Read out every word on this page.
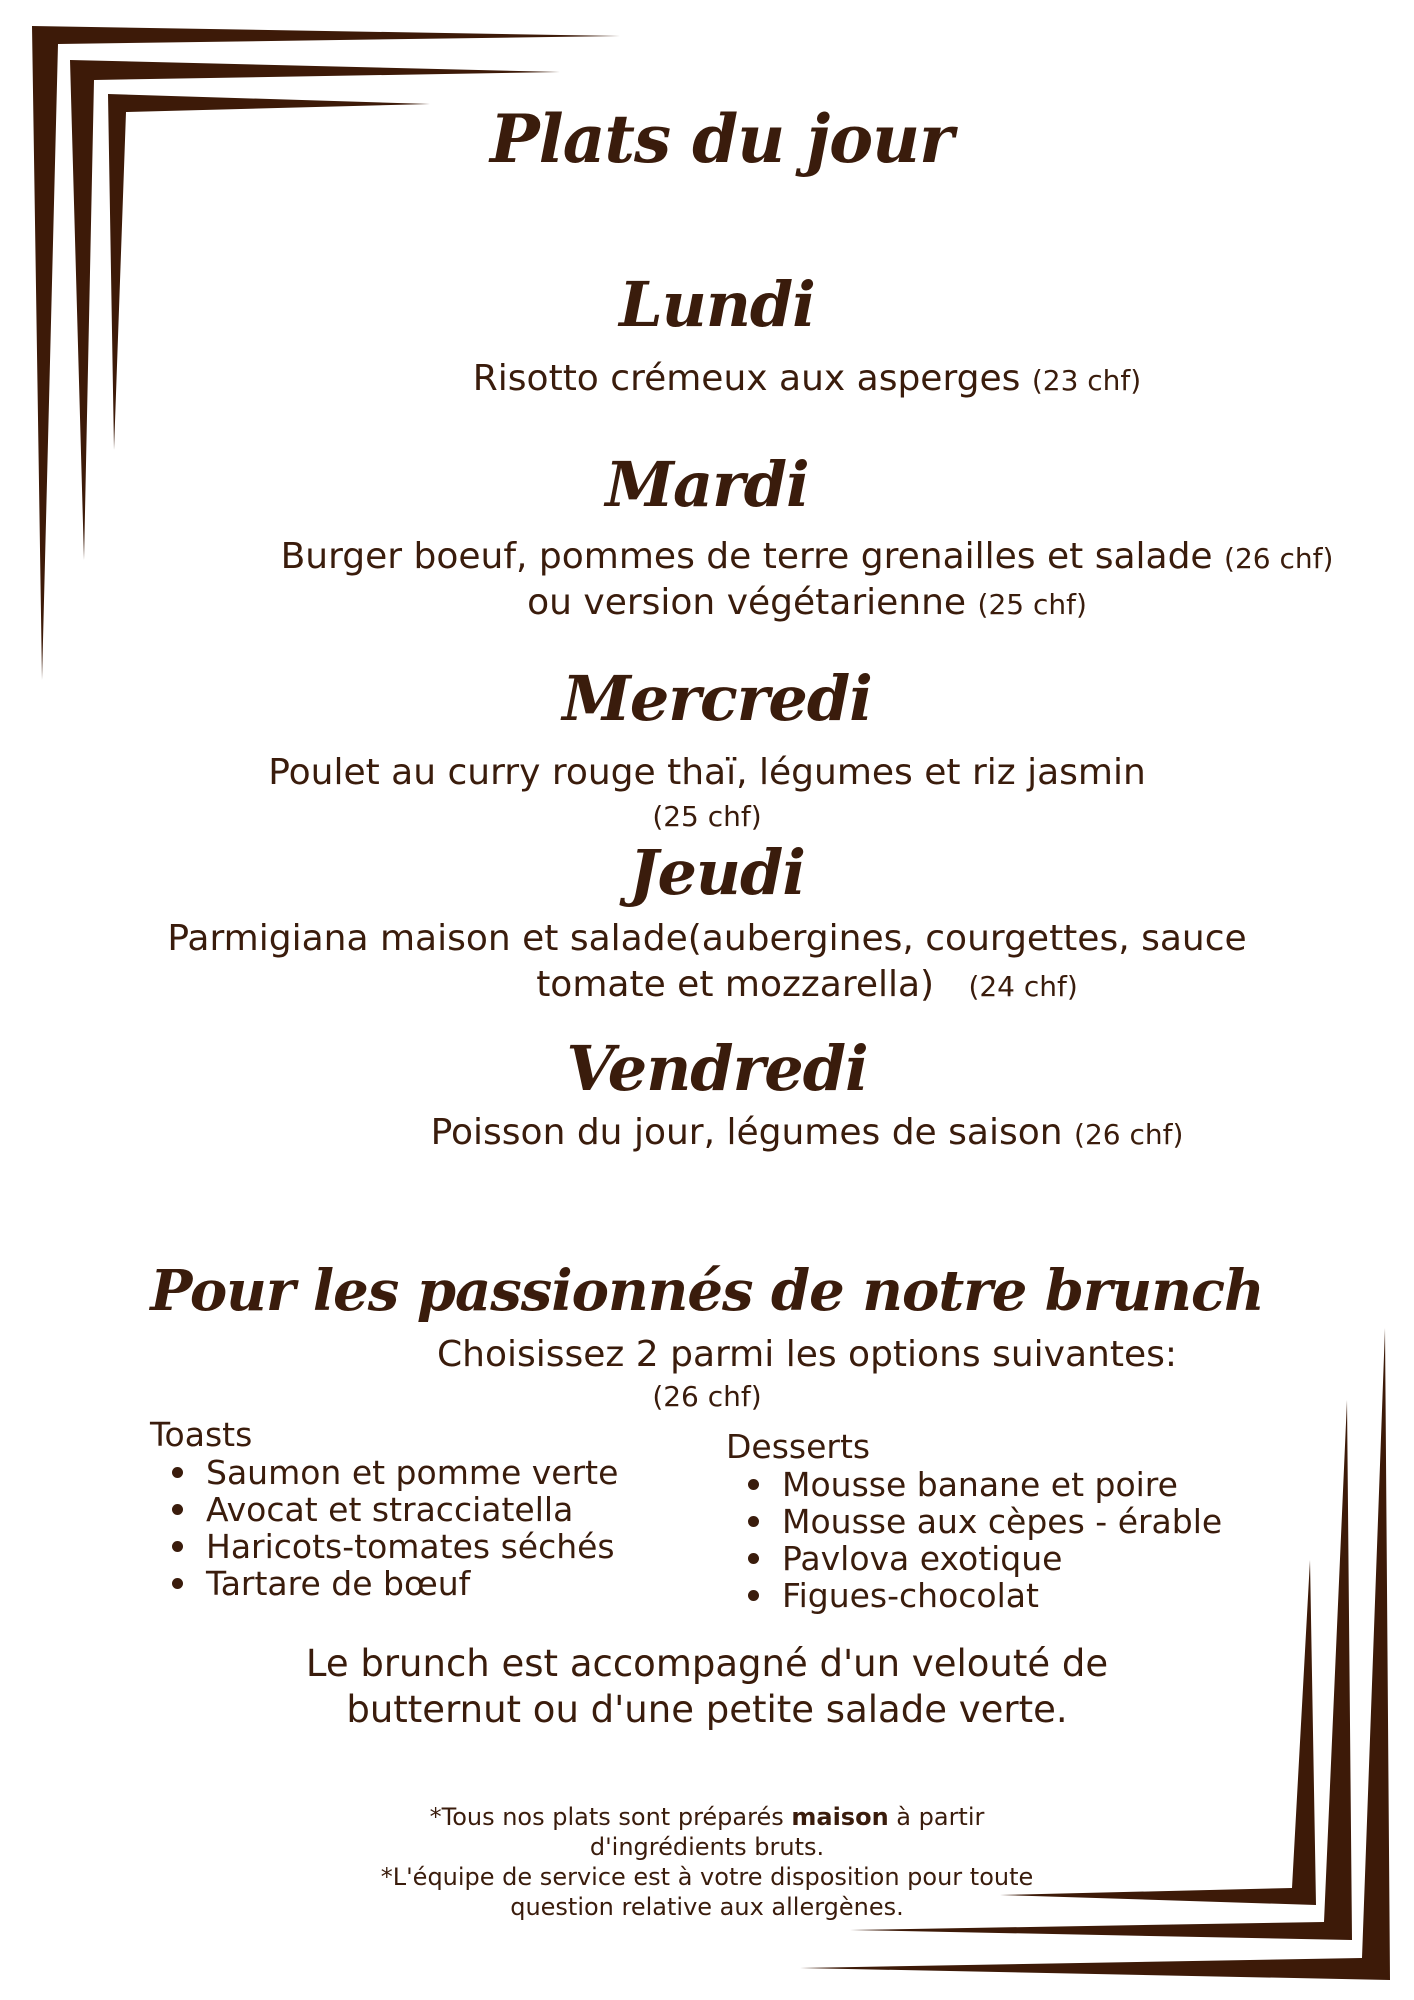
Plats du jour
Lundi
Risotto crémeux aux asperges (23 chf)
Mardi
Burger boeuf, pommes de terre grenailles et salade (26 chf)
ou version végétarienne (25 chf)
Mercredi
Poulet au curry rouge thaï, légumes et riz jasmin
(25 chf)
Jeudi
Parmigiana maison et salade(aubergines, courgettes, sauce
tomate et mozzarella) (24 chf)
Vendredi
Poisson du jour, légumes de saison (26 chf)
Pour les passionnés de notre brunch
Choisissez 2 parmi les options suivantes:
(26 chf)
Toasts
Saumon et pomme verte
Avocat et stracciatella
Haricots-tomates séchés
Tartare de bœuf
Desserts
Mousse banane et poire
Mousse aux cèpes - érable
Pavlova exotique
Figues-chocolat
Le brunch est accompagné d'un velouté de
butternut ou d'une petite salade verte.
*Tous nos plats sont préparés maison à partir
d'ingrédients bruts.
*L'équipe de service est à votre disposition pour toute
question relative aux allergènes.
